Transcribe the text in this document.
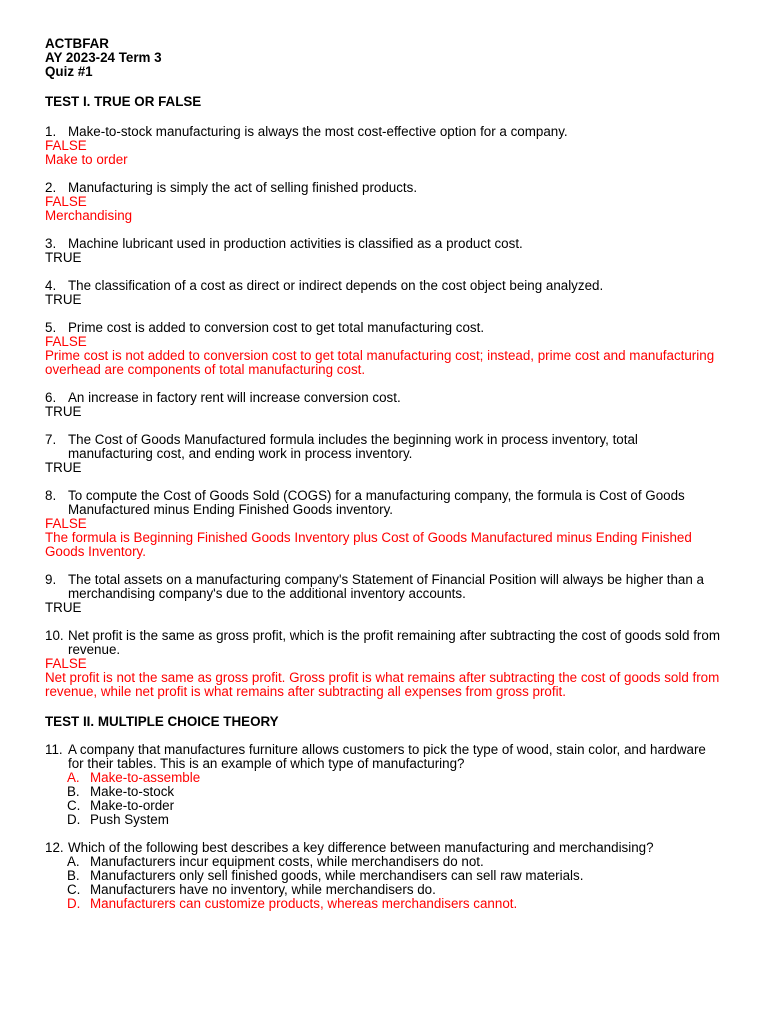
ACTBFAR
AY 2023-24 Term 3
Quiz #1
TEST I. TRUE OR FALSE
1. Make-to-stock manufacturing is always the most cost-effective option for a company.
FALSE
Make to order
2. Manufacturing is simply the act of selling finished products.
FALSE
Merchandising
3. Machine lubricant used in production activities is classified as a product cost.
TRUE
4. The classification of a cost as direct or indirect depends on the cost object being analyzed.
TRUE
5. Prime cost is added to conversion cost to get total manufacturing cost.
FALSE
Prime cost is not added to conversion cost to get total manufacturing cost; instead, prime cost and manufacturing overhead are components of total manufacturing cost.
6. An increase in factory rent will increase conversion cost.
TRUE
7. The Cost of Goods Manufactured formula includes the beginning work in process inventory, total manufacturing cost, and ending work in process inventory.
TRUE
8. To compute the Cost of Goods Sold (COGS) for a manufacturing company, the formula is Cost of Goods Manufactured minus Ending Finished Goods inventory.
FALSE
The formula is Beginning Finished Goods Inventory plus Cost of Goods Manufactured minus Ending Finished Goods Inventory.
9. The total assets on a manufacturing company's Statement of Financial Position will always be higher than a merchandising company's due to the additional inventory accounts.
TRUE
10. Net profit is the same as gross profit, which is the profit remaining after subtracting the cost of goods sold from revenue.
FALSE
Net profit is not the same as gross profit. Gross profit is what remains after subtracting the cost of goods sold from revenue, while net profit is what remains after subtracting all expenses from gross profit.
TEST II. MULTIPLE CHOICE THEORY
11. A company that manufactures furniture allows customers to pick the type of wood, stain color, and hardware for their tables. This is an example of which type of manufacturing?
A. Make-to-assemble
B. Make-to-stock
C. Make-to-order
D. Push System
12. Which of the following best describes a key difference between manufacturing and merchandising?
A. Manufacturers incur equipment costs, while merchandisers do not.
B. Manufacturers only sell finished goods, while merchandisers can sell raw materials.
C. Manufacturers have no inventory, while merchandisers do.
D. Manufacturers can customize products, whereas merchandisers cannot.
